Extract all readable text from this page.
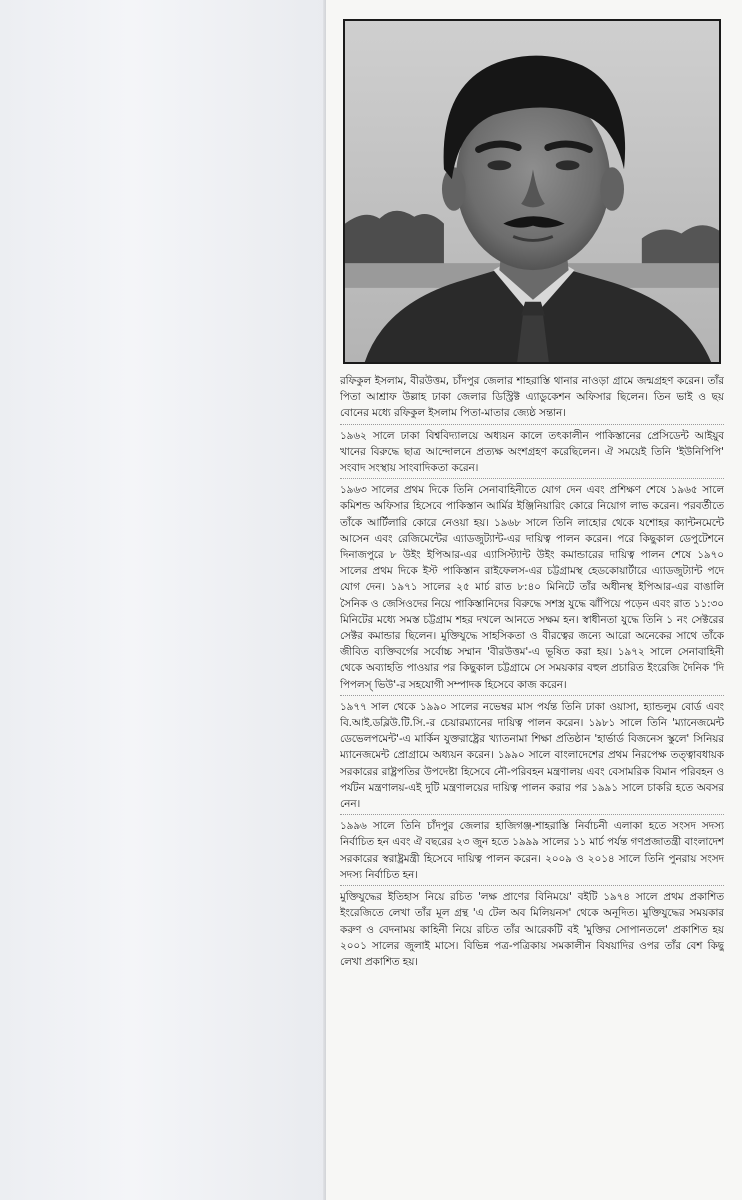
রফিকুল ইসলাম, বীরউত্তম, চাঁদপুর জেলার শাহরাস্তি থানার নাওড়া গ্রামে জন্মগ্রহণ করেন। তাঁর পিতা আশ্রাফ উল্লাহ ঢাকা জেলার ডিস্ট্রিক্ট এ্যাডুকেশন অফিসার ছিলেন। তিন ভাই ও ছয় বোনের মধ্যে রফিকুল ইসলাম পিতা-মাতার জ্যেষ্ঠ সন্তান।

১৯৬২ সালে ঢাকা বিশ্ববিদ্যালয়ে অধ্যয়ন কালে তৎকালীন পাকিস্তানের প্রেসিডেন্ট আইয়ুব খানের বিরুদ্ধে ছাত্র আন্দোলনে প্রত্যক্ষ অংশগ্রহণ করেছিলেন। ঐ সময়েই তিনি 'ইউনিপিপি' সংবাদ সংস্থায় সাংবাদিকতা করেন।

১৯৬৩ সালের প্রথম দিকে তিনি সেনাবাহিনীতে যোগ দেন এবং প্রশিক্ষণ শেষে ১৯৬৫ সালে কমিশন্ড অফিসার হিসেবে পাকিস্তান আর্মির ইঞ্জিনিয়ারিং কোরে নিয়োগ লাভ করেন। পরবর্তীতে তাঁকে আর্টিলারি কোরে নেওয়া হয়। ১৯৬৮ সালে তিনি লাহোর থেকে যশোহর ক্যান্টনমেন্টে আসেন এবং রেজিমেন্টের এ্যাডজুট্যান্ট-এর দায়িত্ব পালন করেন। পরে কিছুকাল ডেপুটেশনে দিনাজপুরে ৮ উইং ইপিআর-এর এ্যাসিস্ট্যান্ট উইং কমান্ডারের দায়িত্ব পালন শেষে ১৯৭০ সালের প্রথম দিকে ইস্ট পাকিস্তান রাইফেলস-এর চট্টগ্রামস্থ হেডকোয়ার্টারে এ্যাডজুট্যান্ট পদে যোগ দেন। ১৯৭১ সালের ২৫ মার্চ রাত ৮:৪০ মিনিটে তাঁর অধীনস্থ ইপিআর-এর বাঙালি সৈনিক ও জেসিওদের নিয়ে পাকিস্তানিদের বিরুদ্ধে সশস্ত্র যুদ্ধে ঝাঁপিয়ে পড়েন এবং রাত ১১:৩০ মিনিটের মধ্যে সমস্ত চট্টগ্রাম শহর দখলে আনতে সক্ষম হন। স্বাধীনতা যুদ্ধে তিনি ১ নং সেক্টরের সেক্টর কমান্ডার ছিলেন। মুক্তিযুদ্ধে সাহসিকতা ও বীরত্বের জন্যে আরো অনেকের সাথে তাঁকে জীবিত ব্যক্তিবর্গের সর্বোচ্চ সম্মান 'বীরউত্তম'-এ ভূষিত করা হয়। ১৯৭২ সালে সেনাবাহিনী থেকে অব্যাহতি পাওয়ার পর কিছুকাল চট্টগ্রামে সে সময়কার বহুল প্রচারিত ইংরেজি দৈনিক 'দি পিপলস্ ভিউ'-র সহযোগী সম্পাদক হিসেবে কাজ করেন।

১৯৭৭ সাল থেকে ১৯৯০ সালের নভেম্বর মাস পর্যন্ত তিনি ঢাকা ওয়াসা, হ্যান্ডলুম বোর্ড এবং বি.আই.ডব্লিউ.টি.সি.-র চেয়ারম্যানের দায়িত্ব পালন করেন। ১৯৮১ সালে তিনি 'ম্যানেজমেন্ট ডেভেলপমেন্ট'-এ মার্কিন যুক্তরাষ্ট্রের খ্যাতনামা শিক্ষা প্রতিষ্ঠান 'হার্ভার্ড বিজনেস স্কুলে' সিনিয়র ম্যানেজমেন্ট প্রোগ্রামে অধ্যয়ন করেন। ১৯৯০ সালে বাংলাদেশের প্রথম নিরপেক্ষ তত্ত্বাবধায়ক সরকারের রাষ্ট্রপতির উপদেষ্টা হিসেবে নৌ-পরিবহন মন্ত্রণালয় এবং বেসামরিক বিমান পরিবহন ও পর্যটন মন্ত্রণালয়-এই দুটি মন্ত্রণালয়ের দায়িত্ব পালন করার পর ১৯৯১ সালে চাকরি হতে অবসর নেন।

১৯৯৬ সালে তিনি চাঁদপুর জেলার হাজিগঞ্জ-শাহরাস্তি নির্বাচনী এলাকা হতে সংসদ সদস্য নির্বাচিত হন এবং ঐ বছরের ২৩ জুন হতে ১৯৯৯ সালের ১১ মার্চ পর্যন্ত গণপ্রজাতন্ত্রী বাংলাদেশ সরকারের স্বরাষ্ট্রমন্ত্রী হিসেবে দায়িত্ব পালন করেন। ২০০৯ ও ২০১৪ সালে তিনি পুনরায় সংসদ সদস্য নির্বাচিত হন।

মুক্তিযুদ্ধের ইতিহাস নিয়ে রচিত 'লক্ষ প্রাণের বিনিময়ে' বইটি ১৯৭৪ সালে প্রথম প্রকাশিত ইংরেজিতে লেখা তাঁর মূল গ্রন্থ 'এ টেল অব মিলিয়নস' থেকে অনূদিত। মুক্তিযুদ্ধের সময়কার করুণ ও বেদনাময় কাহিনী নিয়ে রচিত তাঁর আরেকটি বই 'মুক্তির সোপানতলে' প্রকাশিত হয় ২০০১ সালের জুলাই মাসে। বিভিন্ন পত্র-পত্রিকায় সমকালীন বিষয়াদির ওপর তাঁর বেশ কিছু লেখা প্রকাশিত হয়।
